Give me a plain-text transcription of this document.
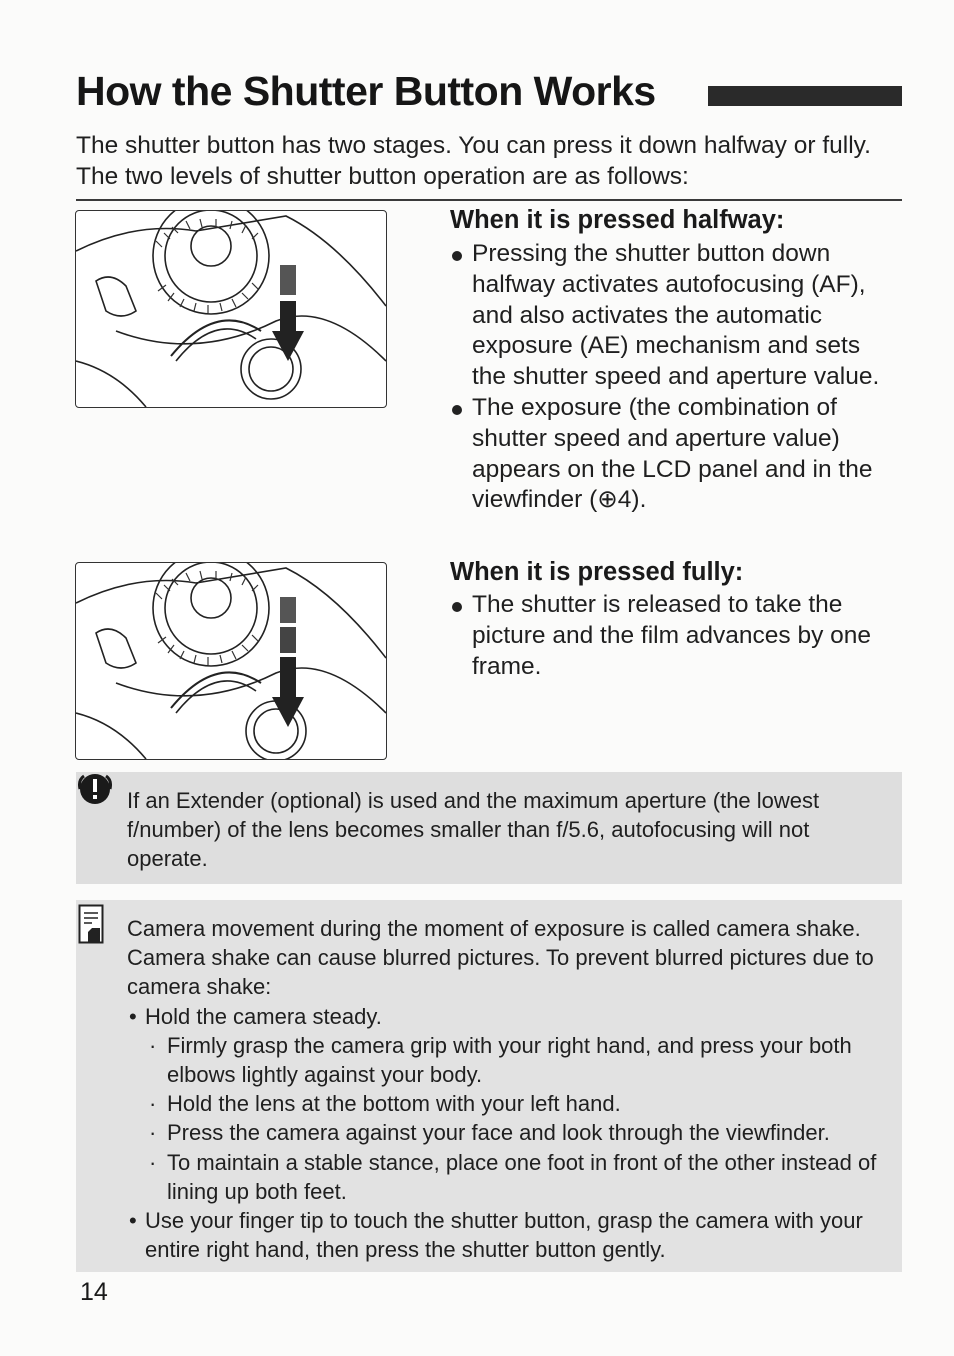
How the Shutter Button Works

The shutter button has two stages. You can press it down halfway or fully. The two levels of shutter button operation are as follows:

When it is pressed halfway:
Pressing the shutter button down halfway activates autofocusing (AF), and also activates the automatic exposure (AE) mechanism and sets the shutter speed and aperture value.
The exposure (the combination of shutter speed and aperture value) appears on the LCD panel and in the viewfinder (⊕4).
When it is pressed fully:
The shutter is released to take the picture and the film advances by one frame.

If an Extender (optional) is used and the maximum aperture (the lowest f/number) of the lens becomes smaller than f/5.6, autofocusing will not operate.

Camera movement during the moment of exposure is called camera shake. Camera shake can cause blurred pictures. To prevent blurred pictures due to camera shake:

• Hold the camera steady.
· Firmly grasp the camera grip with your right hand, and press your both elbows lightly against your body.
· Hold the lens at the bottom with your left hand.
· Press the camera against your face and look through the viewfinder.
· To maintain a stable stance, place one foot in front of the other instead of lining up both feet.
• Use your finger tip to touch the shutter button, grasp the camera with your entire right hand, then press the shutter button gently.

14
